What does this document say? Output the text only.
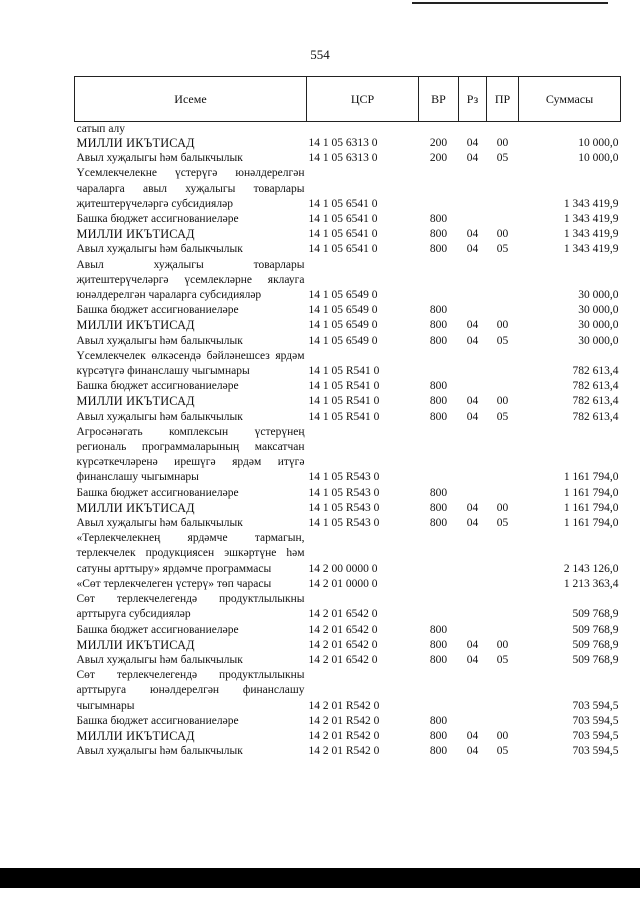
554
Исеме	ЦСР	ВР	Рз	ПР	Суммасы
сатып алу					
МИЛЛИ ИКЪТИСАД	14 1 05 6313 0	200	04	00	10 000,0
Авыл хуҗалыгы һәм балыкчылык	14 1 05 6313 0	200	04	05	10 000,0
Үсемлекчелекне үстерүгә юнәлдерелгән чараларга авыл хуҗалыгы товарлары җитештерүчеләргә субсидияләр	14 1 05 6541 0				1 343 419,9
Башка бюджет ассигнованиеләре	14 1 05 6541 0	800			1 343 419,9
МИЛЛИ ИКЪТИСАД	14 1 05 6541 0	800	04	00	1 343 419,9
Авыл хуҗалыгы һәм балыкчылык	14 1 05 6541 0	800	04	05	1 343 419,9
Авыл хуҗалыгы товарлары җитештерүчеләргә үсемлекләрне яклауга юнәлдерелгән чараларга субсидияләр	14 1 05 6549 0				30 000,0
Башка бюджет ассигнованиеләре	14 1 05 6549 0	800			30 000,0
МИЛЛИ ИКЪТИСАД	14 1 05 6549 0	800	04	00	30 000,0
Авыл хуҗалыгы һәм балыкчылык	14 1 05 6549 0	800	04	05	30 000,0
Үсемлекчелек өлкәсендә бәйләнешсез ярдәм күрсәтүгә финанслашу чыгымнары	14 1 05 R541 0				782 613,4
Башка бюджет ассигнованиеләре	14 1 05 R541 0	800			782 613,4
МИЛЛИ ИКЪТИСАД	14 1 05 R541 0	800	04	00	782 613,4
Авыл хуҗалыгы һәм балыкчылык	14 1 05 R541 0	800	04	05	782 613,4
Агросәнәгать комплексын үстерүнең региональ программаларының максатчан күрсәткечләренә ирешүгә ярдәм итүгә финанслашу чыгымнары	14 1 05 R543 0				1 161 794,0
Башка бюджет ассигнованиеләре	14 1 05 R543 0	800			1 161 794,0
МИЛЛИ ИКЪТИСАД	14 1 05 R543 0	800	04	00	1 161 794,0
Авыл хуҗалыгы һәм балыкчылык	14 1 05 R543 0	800	04	05	1 161 794,0
«Терлекчелекнең ярдәмче тармагын, терлекчелек продукциясен эшкәртүне һәм сатуны арттыру» ярдәмче программасы	14 2 00 0000 0				2 143 126,0
«Сөт терлекчелеген үстерү» төп чарасы	14 2 01 0000 0				1 213 363,4
Сөт терлекчелегендә продуктлылыкны арттыруга субсидияләр	14 2 01 6542 0				509 768,9
Башка бюджет ассигнованиеләре	14 2 01 6542 0	800			509 768,9
МИЛЛИ ИКЪТИСАД	14 2 01 6542 0	800	04	00	509 768,9
Авыл хуҗалыгы һәм балыкчылык	14 2 01 6542 0	800	04	05	509 768,9
Сөт терлекчелегендә продуктлылыкны арттыруга юнәлдерелгән финанслашу чыгымнары	14 2 01 R542 0				703 594,5
Башка бюджет ассигнованиеләре	14 2 01 R542 0	800			703 594,5
МИЛЛИ ИКЪТИСАД	14 2 01 R542 0	800	04	00	703 594,5
Авыл хуҗалыгы һәм балыкчылык	14 2 01 R542 0	800	04	05	703 594,5
